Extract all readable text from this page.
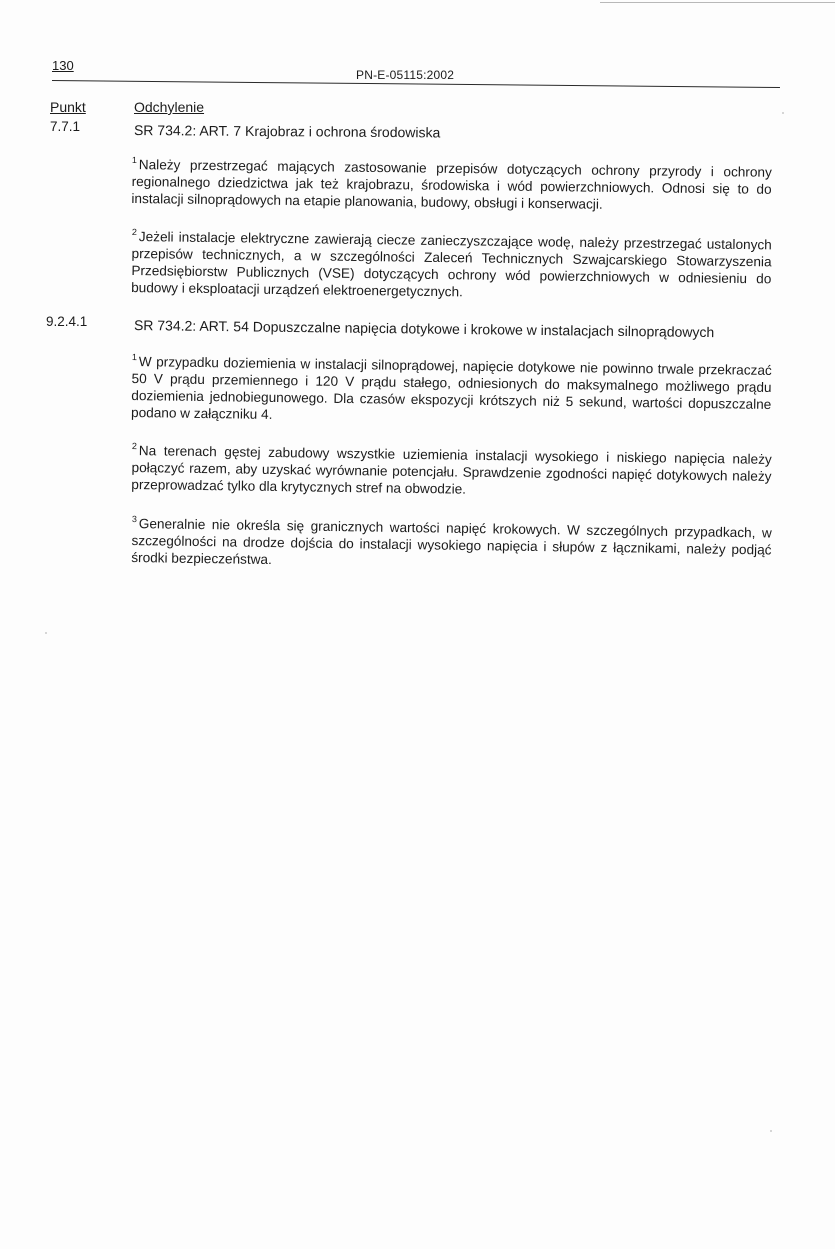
130
PN-E-05115:2002
Punkt	Odchylenie
7.7.1	SR 734.2: ART. 7 Krajobraz i ochrona środowiska

$^1$ Należy przestrzegać mających zastosowanie przepisów dotyczących ochrony przyrody i ochrony regionalnego dziedzictwa jak też krajobrazu, środowiska i wód powierzchniowych. Odnosi się to do instalacji silnoprądowych na etapie planowania, budowy, obsługi i konserwacji.

$^2$ Jeżeli instalacje elektryczne zawierają ciecze zanieczyszczające wodę, należy przestrzegać ustalonych przepisów technicznych, a w szczególności Zaleceń Technicznych Szwajcarskiego Stowarzyszenia Przedsiębiorstw Publicznych (VSE) dotyczących ochrony wód powierzchniowych w odniesieniu do budowy i eksploatacji urządzeń elektroenergetycznych.

9.2.4.1	SR 734.2: ART. 54 Dopuszczalne napięcia dotykowe i krokowe w instalacjach silnoprądowych

$^1$ W przypadku doziemienia w instalacji silnoprądowej, napięcie dotykowe nie powinno trwale przekraczać 50 V prądu przemiennego i 120 V prądu stałego, odniesionych do maksymalnego możliwego prądu doziemienia jednobiegunowego. Dla czasów ekspozycji krótszych niż 5 sekund, wartości dopuszczalne podano w załączniku 4.

$^2$ Na terenach gęstej zabudowy wszystkie uziemienia instalacji wysokiego i niskiego napięcia należy połączyć razem, aby uzyskać wyrównanie potencjału. Sprawdzenie zgodności napięć dotykowych należy przeprowadzać tylko dla krytycznych stref na obwodzie.

$^3$ Generalnie nie określa się granicznych wartości napięć krokowych. W szczególnych przypadkach, w szczególności na drodze dojścia do instalacji wysokiego napięcia i słupów z łącznikami, należy podjąć środki bezpieczeństwa.
